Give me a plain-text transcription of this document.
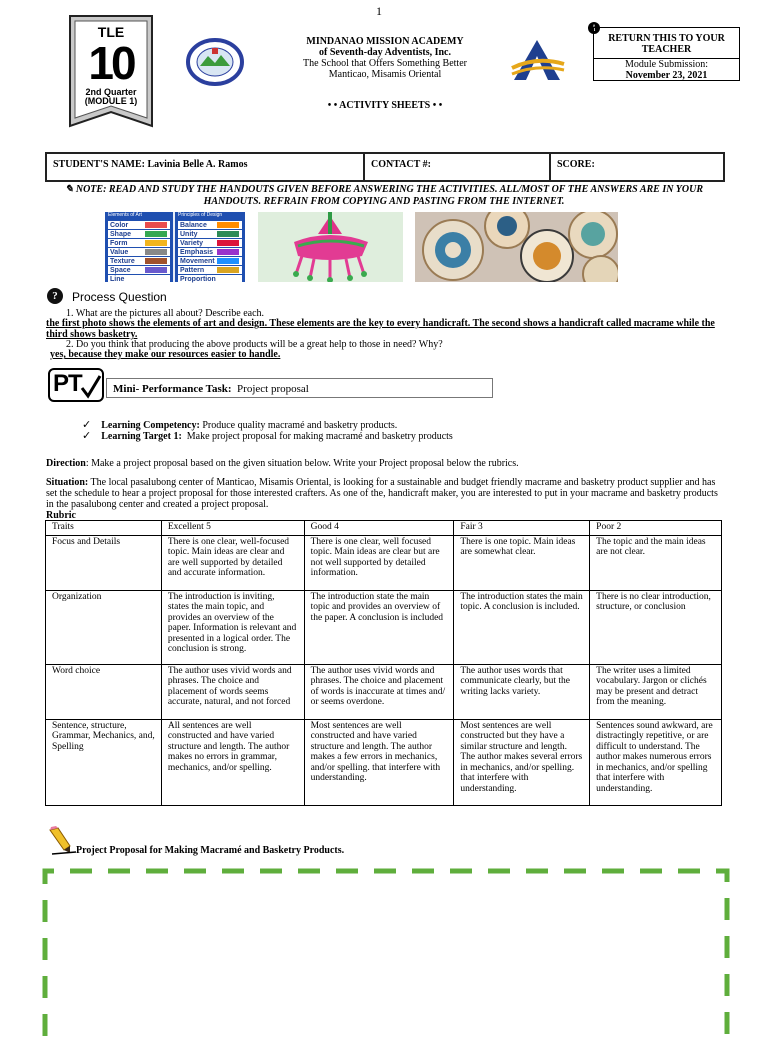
1
TLE
10
2nd Quarter
(MODULE 1)
MINDANAO MISSION ACADEMY
of Seventh-day Adventists, Inc.
The School that Offers Something Better
Manticao, Misamis Oriental
• • ACTIVITY SHEETS • •
i
RETURN THIS TO YOUR TEACHER
Module Submission:
November 23, 2021
STUDENT'S NAME: Lavinia Belle A. Ramos	CONTACT #:	SCORE:
✎ NOTE: READ AND STUDY THE HANDOUTS GIVEN BEFORE ANSWERING THE ACTIVITIES. ALL/MOST OF THE ANSWERS ARE IN YOUR HANDOUTS. REFRAIN FROM COPYING AND PASTING FROM THE INTERNET.
Elements of Art	Principles of Design
Color
Shape
Form
Value
Texture
Space
Line
Balance
Unity
Variety
Emphasis
Movement
Pattern
Proportion
?	Process Question
1. What are the pictures all about? Describe each.
the first photo shows the elements of art and design. These elements are the key to every handicraft. The second shows a handicraft called macrame while the third shows basketry.
2. Do you think that producing the above products will be a great help to those in need? Why?
yes, because they make our resources easier to handle.
PT	Mini- Performance Task: Project proposal
✓ Learning Competency: Produce quality macramé and basketry products.
✓ Learning Target 1: Make project proposal for making macramé and basketry products
Direction: Make a project proposal based on the given situation below. Write your Project proposal below the rubrics.
Situation: The local pasalubong center of Manticao, Misamis Oriental, is looking for a sustainable and budget friendly macrame and basketry product supplier and has set the schedule to hear a project proposal for those interested crafters. As one of the, handicraft maker, you are interested to put in your macrame and basketry products in the pasalubong center and created a project proposal.
Rubric
Traits	Excellent 5	Good 4	Fair 3	Poor 2
Focus and Details	There is one clear, well-focused topic. Main ideas are clear and are well supported by detailed and accurate information.	There is one clear, well focused topic. Main ideas are clear but are not well supported by detailed information.	There is one topic. Main ideas are somewhat clear.	The topic and the main ideas are not clear.
Organization	The introduction is inviting, states the main topic, and provides an overview of the paper. Information is relevant and presented in a logical order. The conclusion is strong.	The introduction state the main topic and provides an overview of the paper. A conclusion is included	The introduction states the main topic. A conclusion is included.	There is no clear introduction, structure, or conclusion
Word choice	The author uses vivid words and phrases. The choice and placement of words seems accurate, natural, and not forced	The author uses vivid words and phrases. The choice and placement of words is inaccurate at times and/ or seems overdone.	The author uses words that communicate clearly, but the writing lacks variety.	The writer uses a limited vocabulary. Jargon or clichés may be present and detract from the meaning.
Sentence, structure, Grammar, Mechanics, and, Spelling	All sentences are well constructed and have varied structure and length. The author makes no errors in grammar, mechanics, and/or spelling.	Most sentences are well constructed and have varied structure and length. The author makes a few errors in mechanics, and/or spelling. that interfere with understanding.	Most sentences are well constructed but they have a similar structure and length. The author makes several errors in mechanics, and/or spelling. that interfere with understanding.	Sentences sound awkward, are distractingly repetitive, or are difficult to understand. The author makes numerous errors in mechanics, and/or spelling that interfere with understanding.
Project Proposal for Making Macramé and Basketry Products.
